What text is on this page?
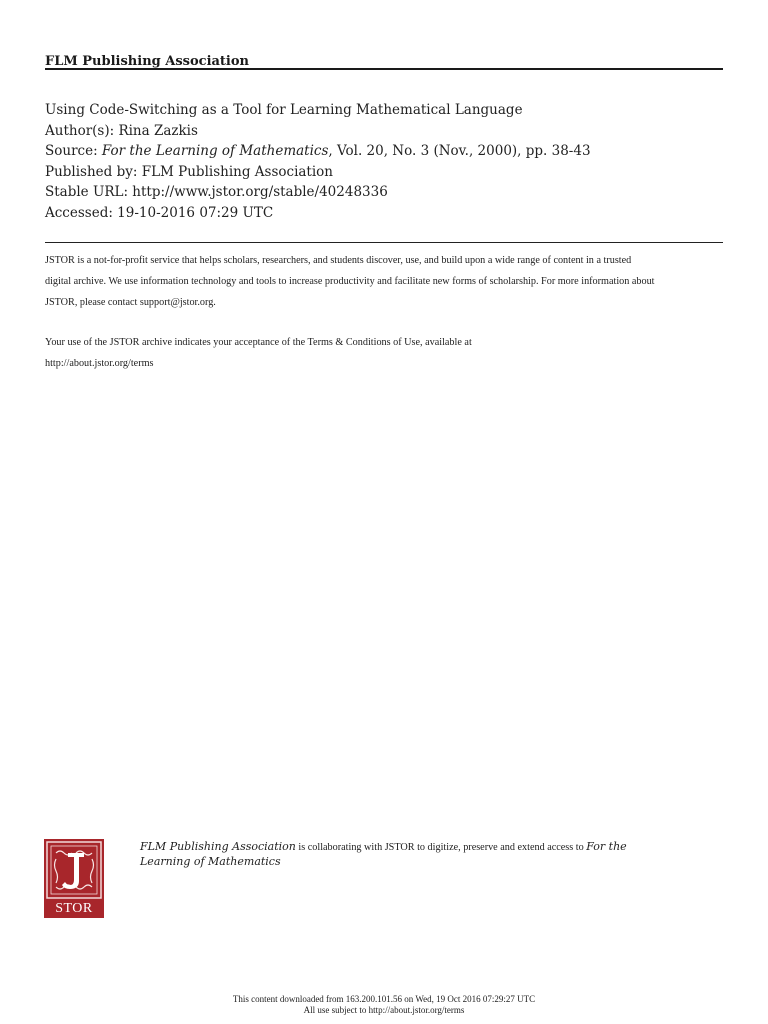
FLM Publishing Association
Using Code-Switching as a Tool for Learning Mathematical Language
Author(s): Rina Zazkis
Source: For the Learning of Mathematics, Vol. 20, No. 3 (Nov., 2000), pp. 38-43
Published by: FLM Publishing Association
Stable URL: http://www.jstor.org/stable/40248336
Accessed: 19-10-2016 07:29 UTC
JSTOR is a not-for-profit service that helps scholars, researchers, and students discover, use, and build upon a wide range of content in a trusted
digital archive. We use information technology and tools to increase productivity and facilitate new forms of scholarship. For more information about
JSTOR, please contact support@jstor.org.
Your use of the JSTOR archive indicates your acceptance of the Terms & Conditions of Use, available at
http://about.jstor.org/terms
STOR
FLM Publishing Association is collaborating with JSTOR to digitize, preserve and extend access to For the
Learning of Mathematics
This content downloaded from 163.200.101.56 on Wed, 19 Oct 2016 07:29:27 UTC
All use subject to http://about.jstor.org/terms
